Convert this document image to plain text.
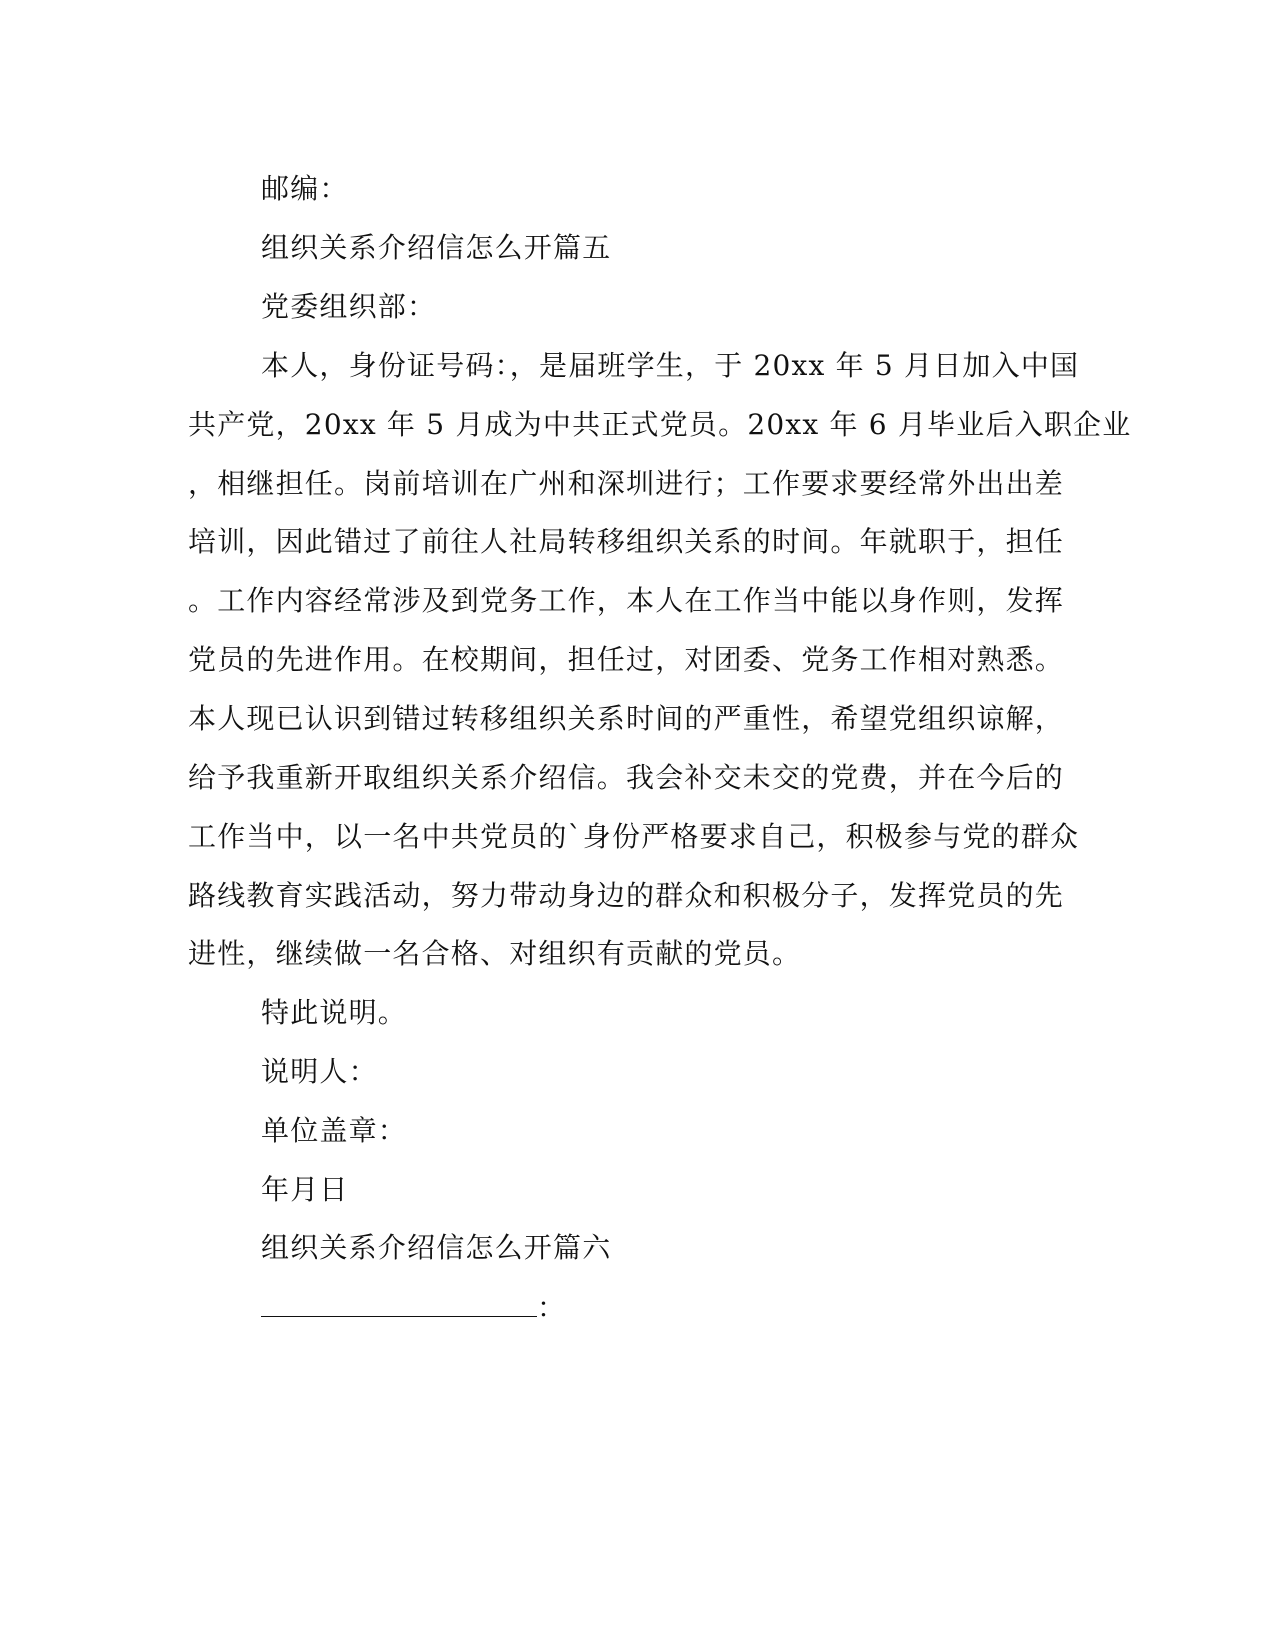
邮编：
组织关系介绍信怎么开篇五
党委组织部：
本人，身份证号码：，是届班学生，于 20xx 年 5 月日加入中国
共产党，20xx 年 5 月成为中共正式党员。20xx 年 6 月毕业后入职企业
，相继担任。岗前培训在广州和深圳进行；工作要求要经常外出出差
培训，因此错过了前往人社局转移组织关系的时间。年就职于，担任
。工作内容经常涉及到党务工作，本人在工作当中能以身作则，发挥
党员的先进作用。在校期间，担任过，对团委、党务工作相对熟悉。
本人现已认识到错过转移组织关系时间的严重性，希望党组织谅解，
给予我重新开取组织关系介绍信。我会补交未交的党费，并在今后的
工作当中，以一名中共党员的`身份严格要求自己，积极参与党的群众
路线教育实践活动，努力带动身边的群众和积极分子，发挥党员的先
进性，继续做一名合格、对组织有贡献的党员。
特此说明。
说明人：
单位盖章：
年月日
组织关系介绍信怎么开篇六
：
